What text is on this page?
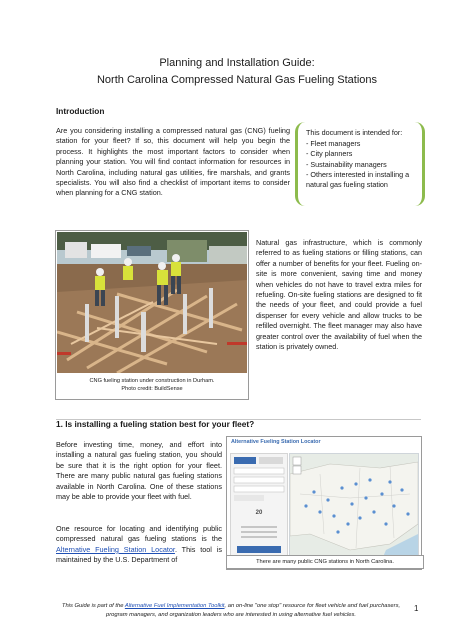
Planning and Installation Guide:
North Carolina Compressed Natural Gas Fueling Stations
Introduction

Are you considering installing a compressed natural gas (CNG) fueling station for your fleet? If so, this document will help you begin the process. It highlights the most important factors to consider when planning your station. You will find contact information for resources in North Carolina, including natural gas utilities, fire marshals, and grants specialists. You will also find a checklist of important items to consider when planning for a CNG station.

This document is intended for:
- Fleet managers
- City planners
- Sustainability managers
- Others interested in installing a natural gas fueling station
CNG fueling station under construction in Durham.
Photo credit: BuildSense

Natural gas infrastructure, which is commonly referred to as fueling stations or filling stations, can offer a number of benefits for your fleet. Fueling on-site is more convenient, saving time and money when vehicles do not have to travel extra miles for refueling. On-site fueling stations are designed to fit the needs of your fleet, and could provide a fuel dispenser for every vehicle and allow trucks to be refilled overnight. The fleet manager may also have greater control over the availability of fuel when the station is privately owned.

1. Is installing a fueling station best for your fleet?

Before investing time, money, and effort into installing a natural gas fueling station, you should be sure that it is the right option for your fleet. There are many public natural gas fueling stations available in North Carolina. One of these stations may be able to provide your fleet with fuel.

One resource for locating and identifying public compressed natural gas fueling stations is the Alternative Fueling Station Locator. This tool is maintained by the U.S. Department of

Alternative Fueling Station Locator
20
There are many public CNG stations in North Carolina.

This Guide is part of the Alternative Fuel Implementation Toolkit, an on-line "one stop" resource for fleet vehicle and fuel purchasers, program managers, and organization leaders who are interested in using alternative fuel vehicles.

1
